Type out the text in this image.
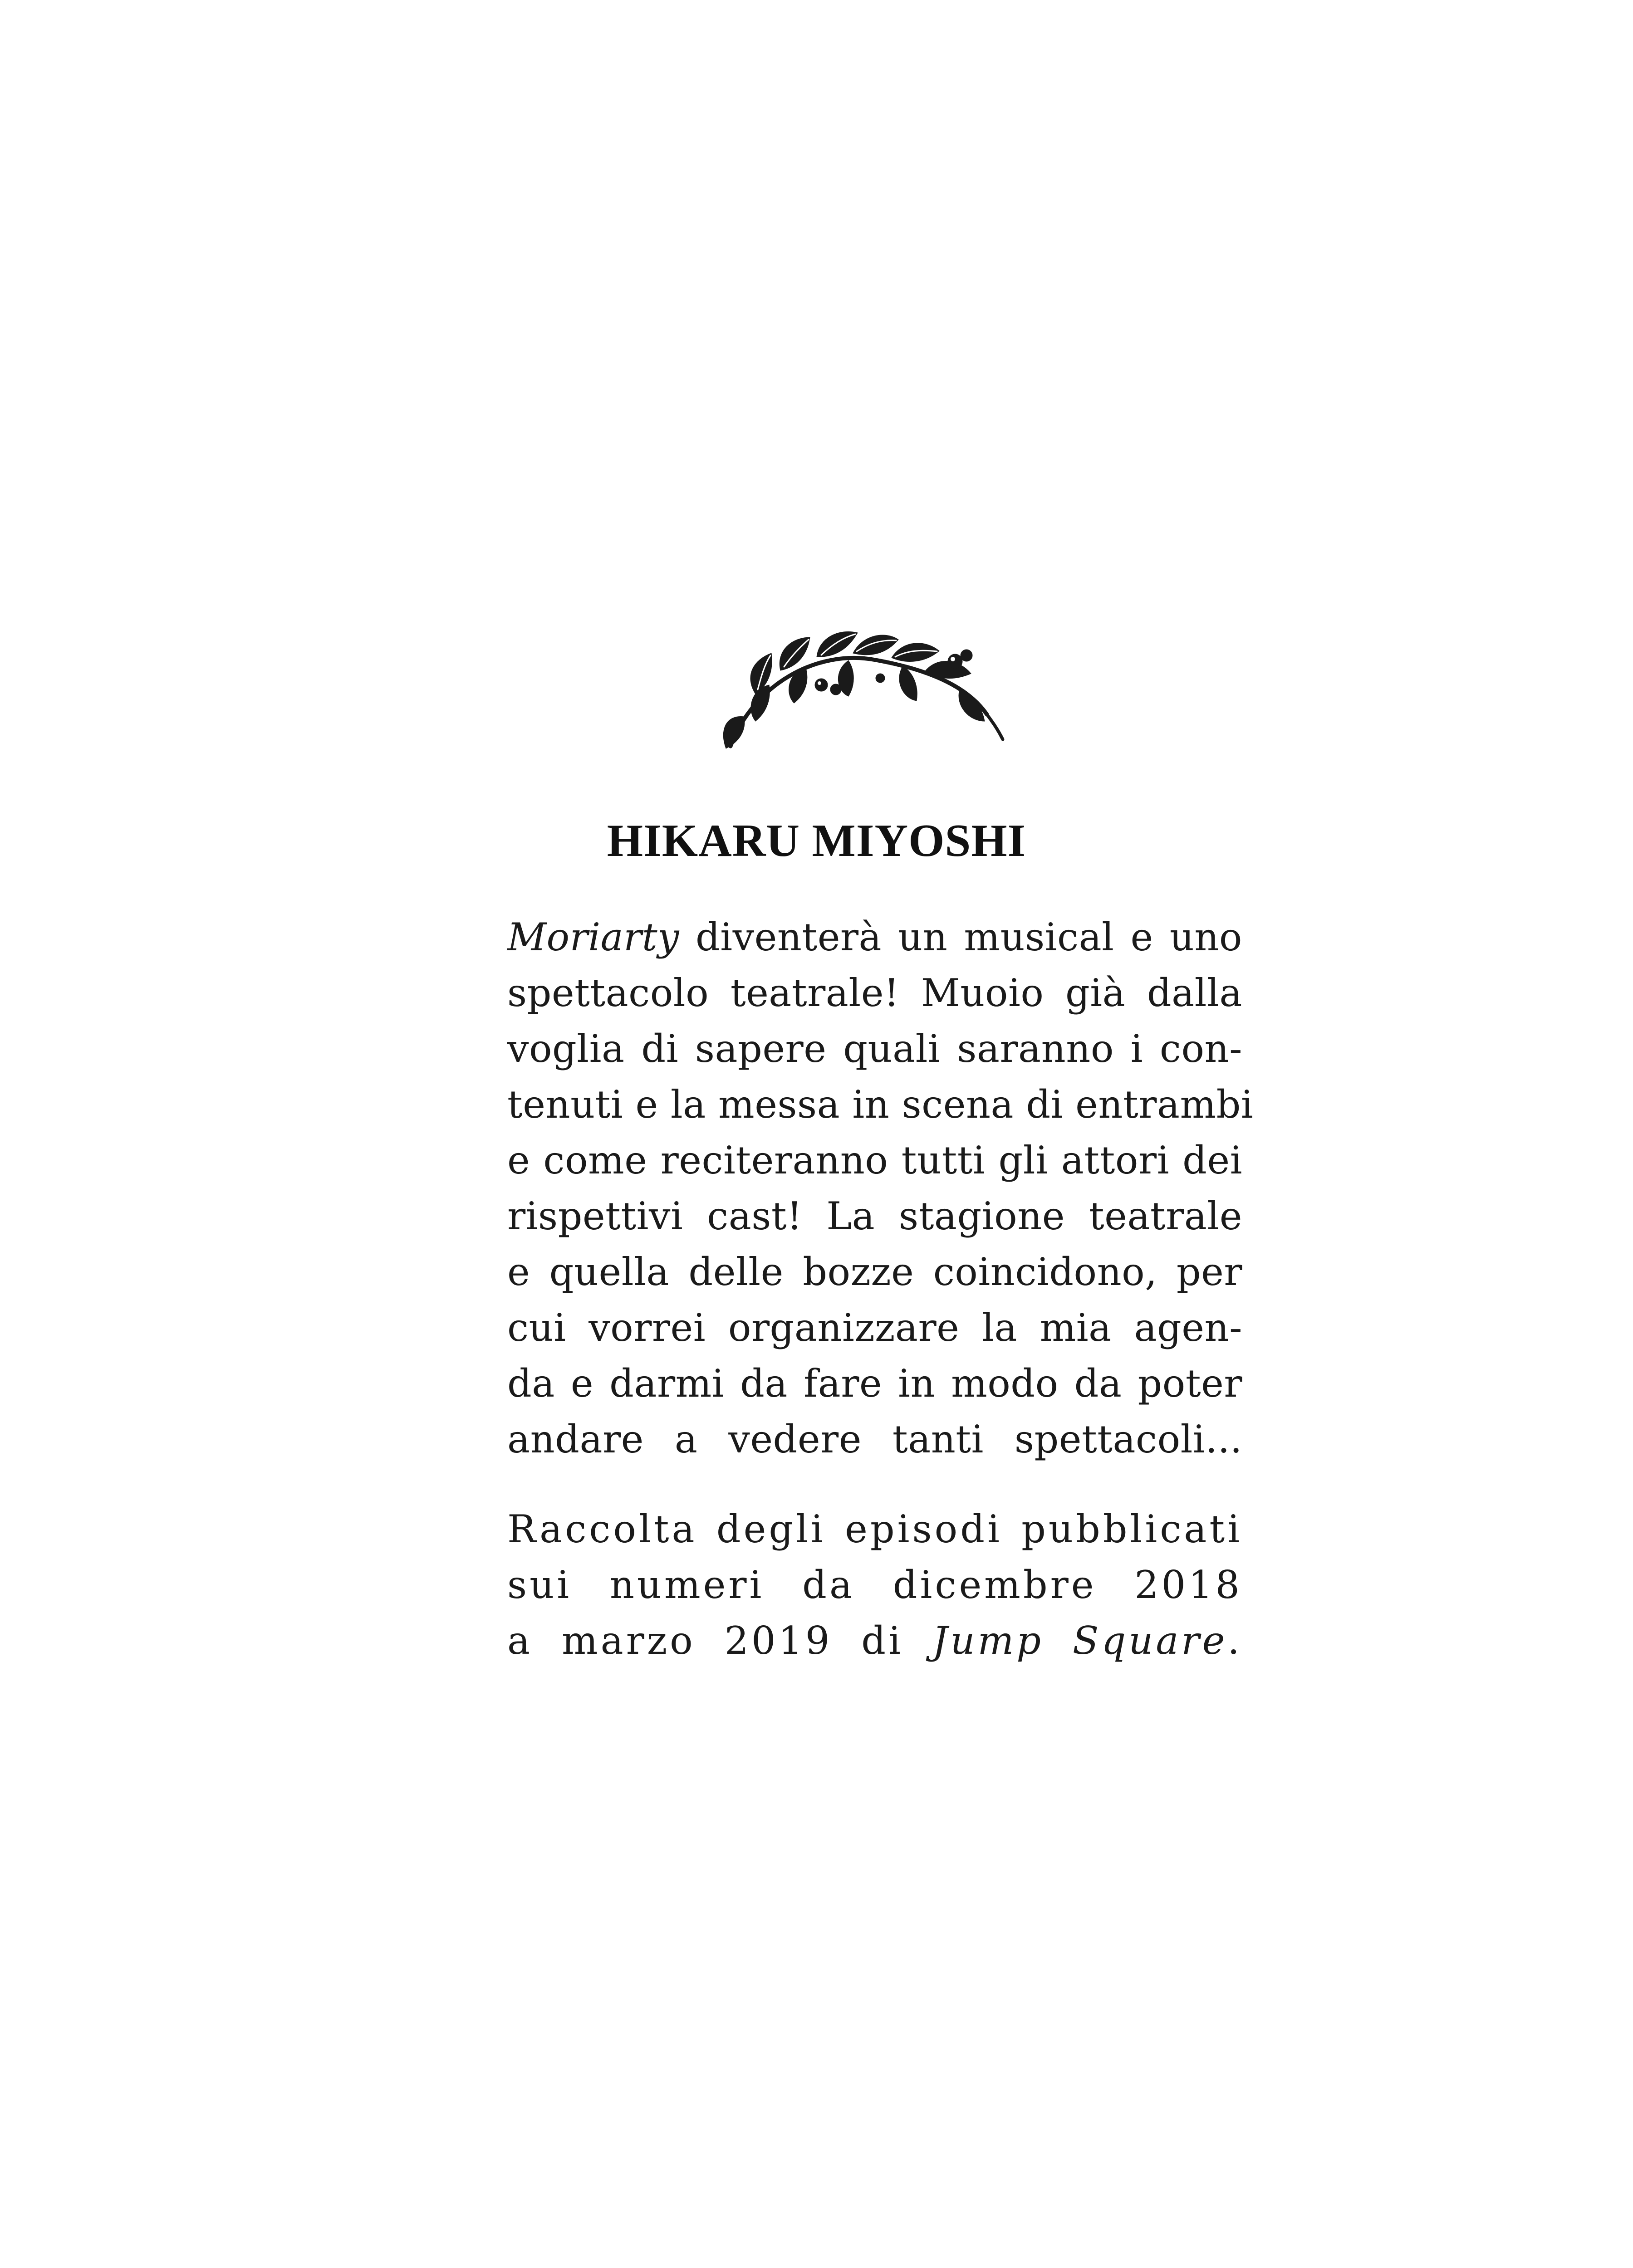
HIKARU MIYOSHI
Moriarty diventerà un musical e uno
spettacolo teatrale! Muoio già dalla
voglia di sapere quali saranno i con-
tenuti e la messa in scena di entrambi
e come reciteranno tutti gli attori dei
rispettivi cast! La stagione teatrale
e quella delle bozze coincidono, per
cui vorrei organizzare la mia agen-
da e darmi da fare in modo da poter
andare a vedere tanti spettacoli...
Raccolta degli episodi pubblicati
sui numeri da dicembre 2018
a marzo 2019 di Jump Square.
